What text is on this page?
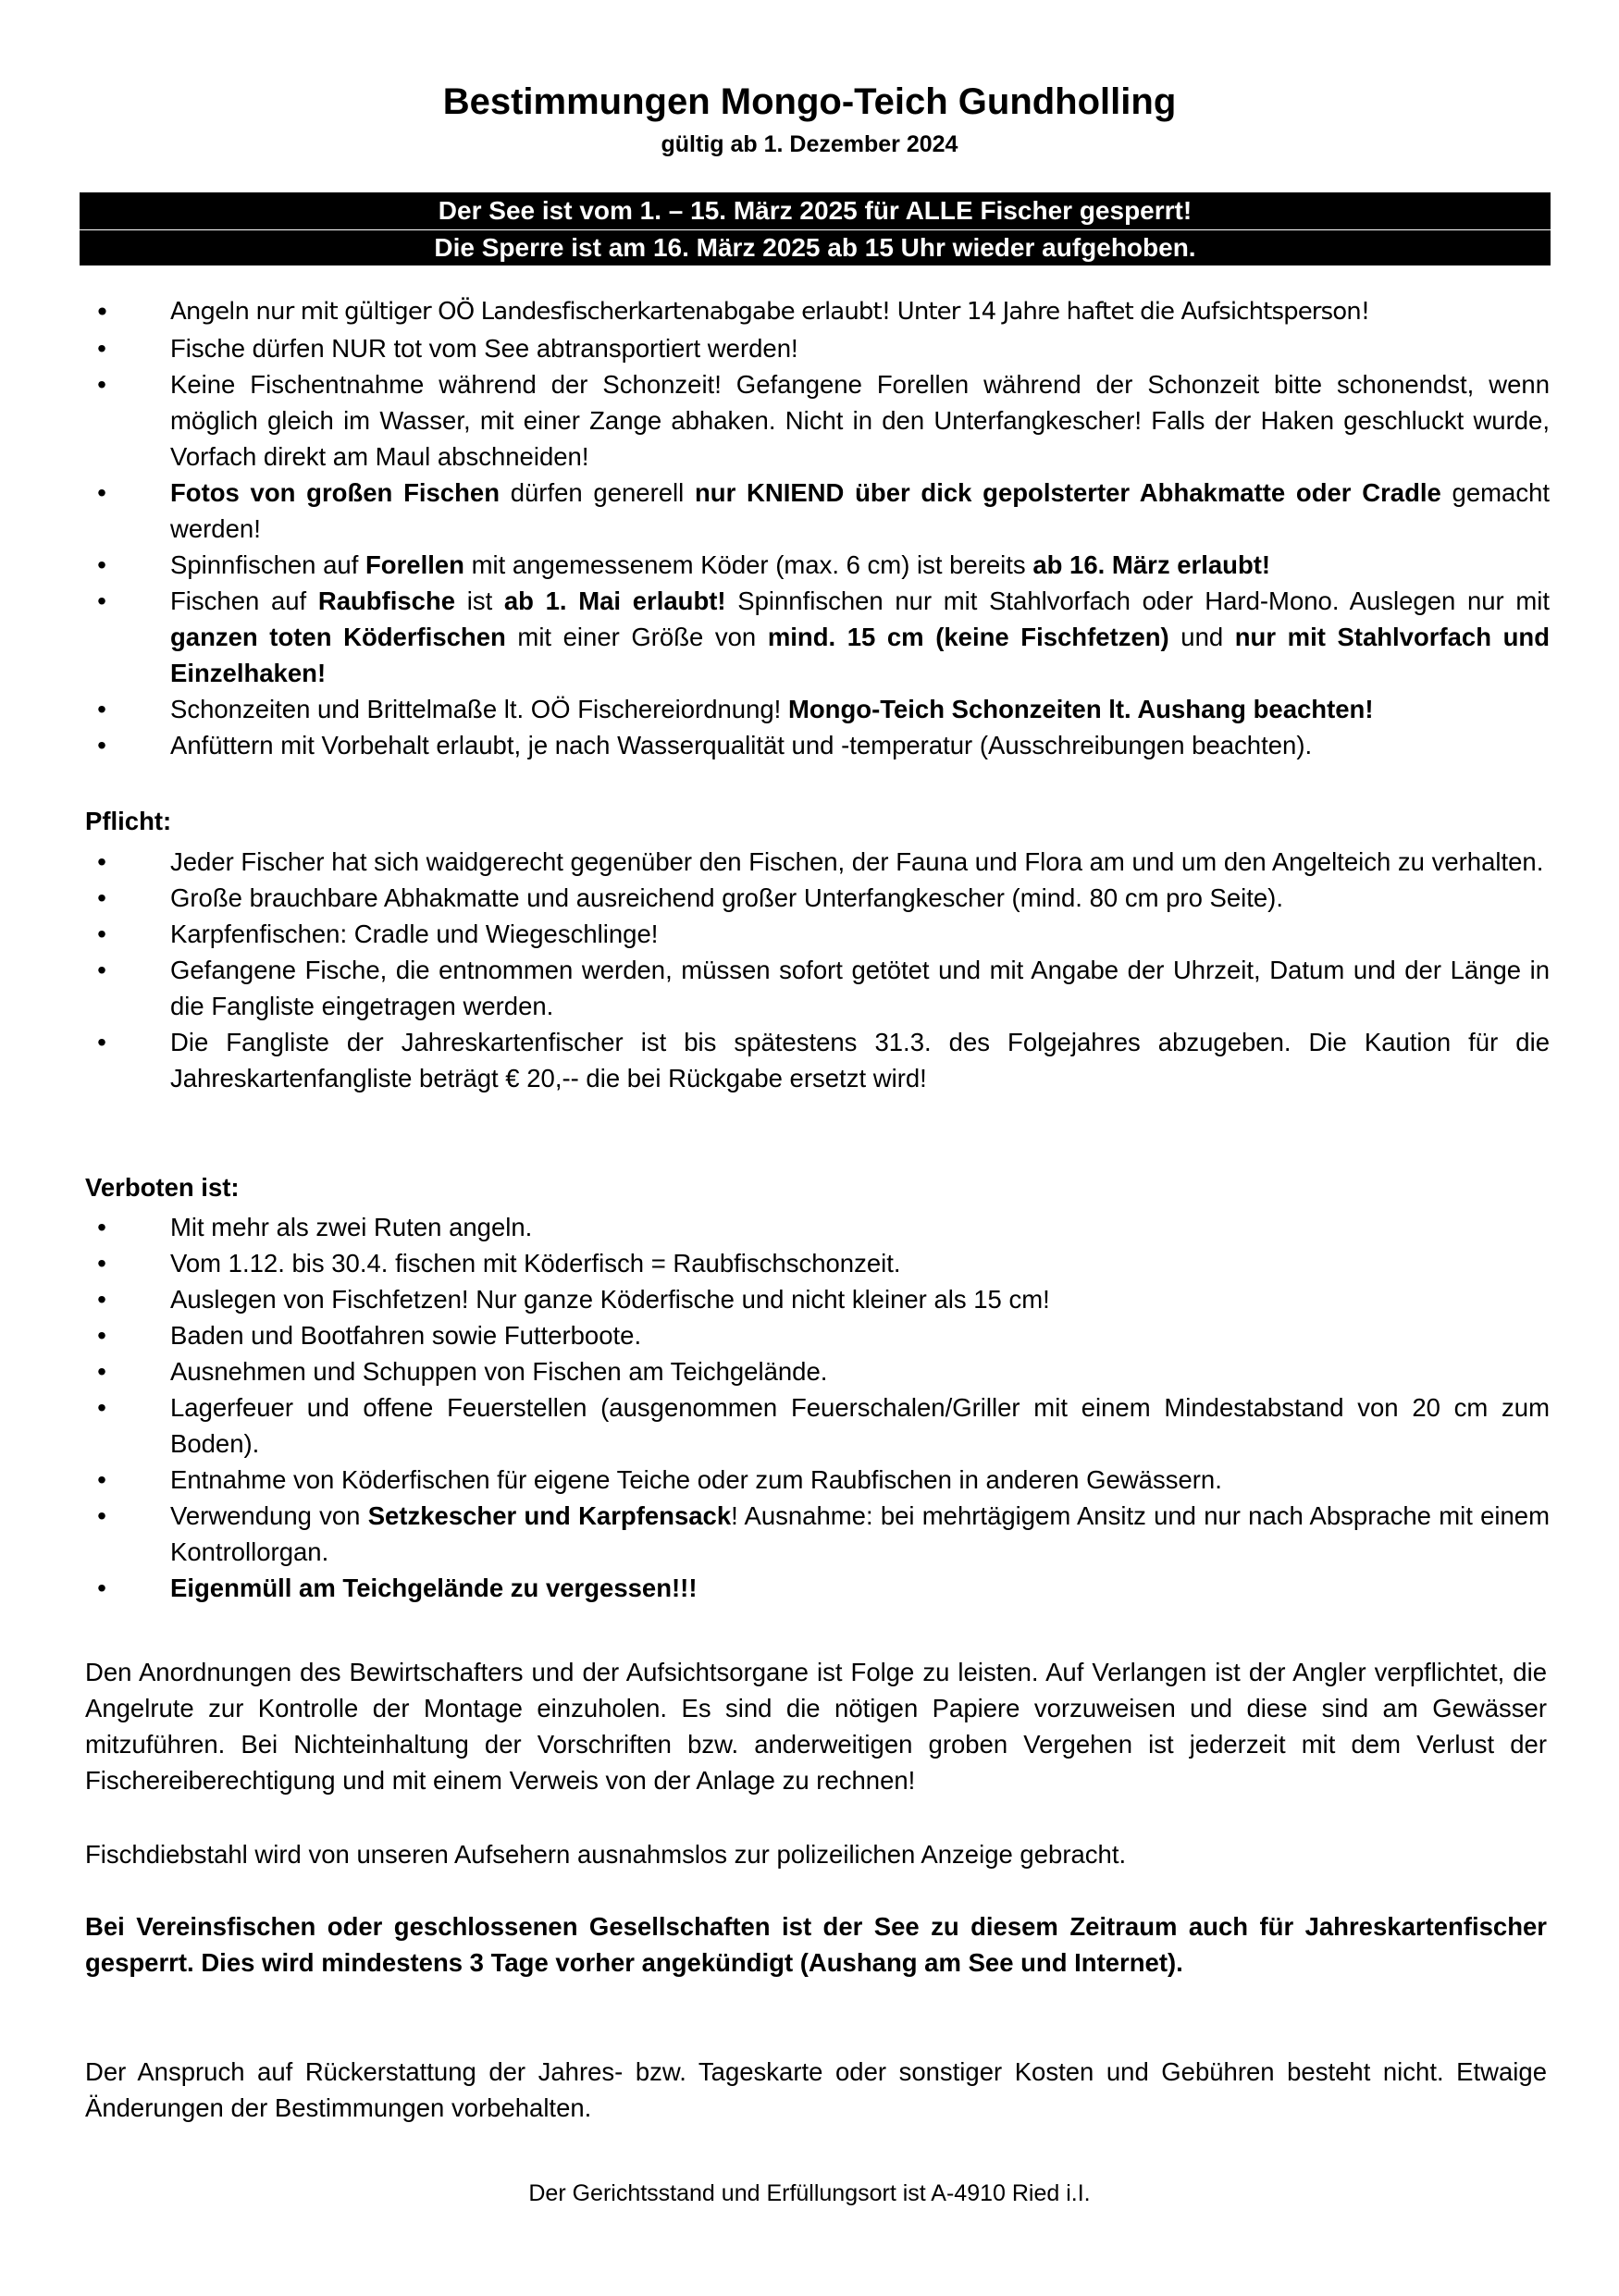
Bestimmungen Mongo-Teich Gundholling
gültig ab 1. Dezember 2024
Der See ist vom 1. – 15. März 2025 für ALLE Fischer gesperrt!
Die Sperre ist am 16. März 2025 ab 15 Uhr wieder aufgehoben.
•	Angeln nur mit gültiger OÖ Landesfischerkartenabgabe erlaubt! Unter 14 Jahre haftet die Aufsichtsperson!
•	Fische dürfen NUR tot vom See abtransportiert werden!
•	Keine Fischentnahme während der Schonzeit! Gefangene Forellen während der Schonzeit bitte schonendst, wenn möglich gleich im Wasser, mit einer Zange abhaken. Nicht in den Unterfangkescher! Falls der Haken geschluckt wurde, Vorfach direkt am Maul abschneiden!
•	Fotos von großen Fischen dürfen generell nur KNIEND über dick gepolsterter Abhakmatte oder Cradle gemacht werden!
•	Spinnfischen auf Forellen mit angemessenem Köder (max. 6 cm) ist bereits ab 16. März erlaubt!
•	Fischen auf Raubfische ist ab 1. Mai erlaubt! Spinnfischen nur mit Stahlvorfach oder Hard-Mono. Auslegen nur mit ganzen toten Köderfischen mit einer Größe von mind. 15 cm (keine Fischfetzen) und nur mit Stahlvorfach und Einzelhaken!
•	Schonzeiten und Brittelmaße lt. OÖ Fischereiordnung! Mongo-Teich Schonzeiten lt. Aushang beachten!
•	Anfüttern mit Vorbehalt erlaubt, je nach Wasserqualität und -temperatur (Ausschreibungen beachten).
Pflicht:
•	Jeder Fischer hat sich waidgerecht gegenüber den Fischen, der Fauna und Flora am und um den Angelteich zu verhalten.
•	Große brauchbare Abhakmatte und ausreichend großer Unterfangkescher (mind. 80 cm pro Seite).
•	Karpfenfischen: Cradle und Wiegeschlinge!
•	Gefangene Fische, die entnommen werden, müssen sofort getötet und mit Angabe der Uhrzeit, Datum und der Länge in die Fangliste eingetragen werden.
•	Die Fangliste der Jahreskartenfischer ist bis spätestens 31.3. des Folgejahres abzugeben. Die Kaution für die Jahreskartenfangliste beträgt € 20,-- die bei Rückgabe ersetzt wird!
Verboten ist:
•	Mit mehr als zwei Ruten angeln.
•	Vom 1.12. bis 30.4. fischen mit Köderfisch = Raubfischschonzeit.
•	Auslegen von Fischfetzen! Nur ganze Köderfische und nicht kleiner als 15 cm!
•	Baden und Bootfahren sowie Futterboote.
•	Ausnehmen und Schuppen von Fischen am Teichgelände.
•	Lagerfeuer und offene Feuerstellen (ausgenommen Feuerschalen/Griller mit einem Mindestabstand von 20 cm zum Boden).
•	Entnahme von Köderfischen für eigene Teiche oder zum Raubfischen in anderen Gewässern.
•	Verwendung von Setzkescher und Karpfensack! Ausnahme: bei mehrtägigem Ansitz und nur nach Absprache mit einem Kontrollorgan.
•	Eigenmüll am Teichgelände zu vergessen!!!

Den Anordnungen des Bewirtschafters und der Aufsichtsorgane ist Folge zu leisten. Auf Verlangen ist der Angler verpflichtet, die Angelrute zur Kontrolle der Montage einzuholen. Es sind die nötigen Papiere vorzuweisen und diese sind am Gewässer mitzuführen. Bei Nichteinhaltung der Vorschriften bzw. anderweitigen groben Vergehen ist jederzeit mit dem Verlust der Fischereiberechtigung und mit einem Verweis von der Anlage zu rechnen!

Fischdiebstahl wird von unseren Aufsehern ausnahmslos zur polizeilichen Anzeige gebracht.

Bei Vereinsfischen oder geschlossenen Gesellschaften ist der See zu diesem Zeitraum auch für Jahreskartenfischer gesperrt. Dies wird mindestens 3 Tage vorher angekündigt (Aushang am See und Internet).

Der Anspruch auf Rückerstattung der Jahres- bzw. Tageskarte oder sonstiger Kosten und Gebühren besteht nicht. Etwaige Änderungen der Bestimmungen vorbehalten.

Der Gerichtsstand und Erfüllungsort ist A-4910 Ried i.I.
